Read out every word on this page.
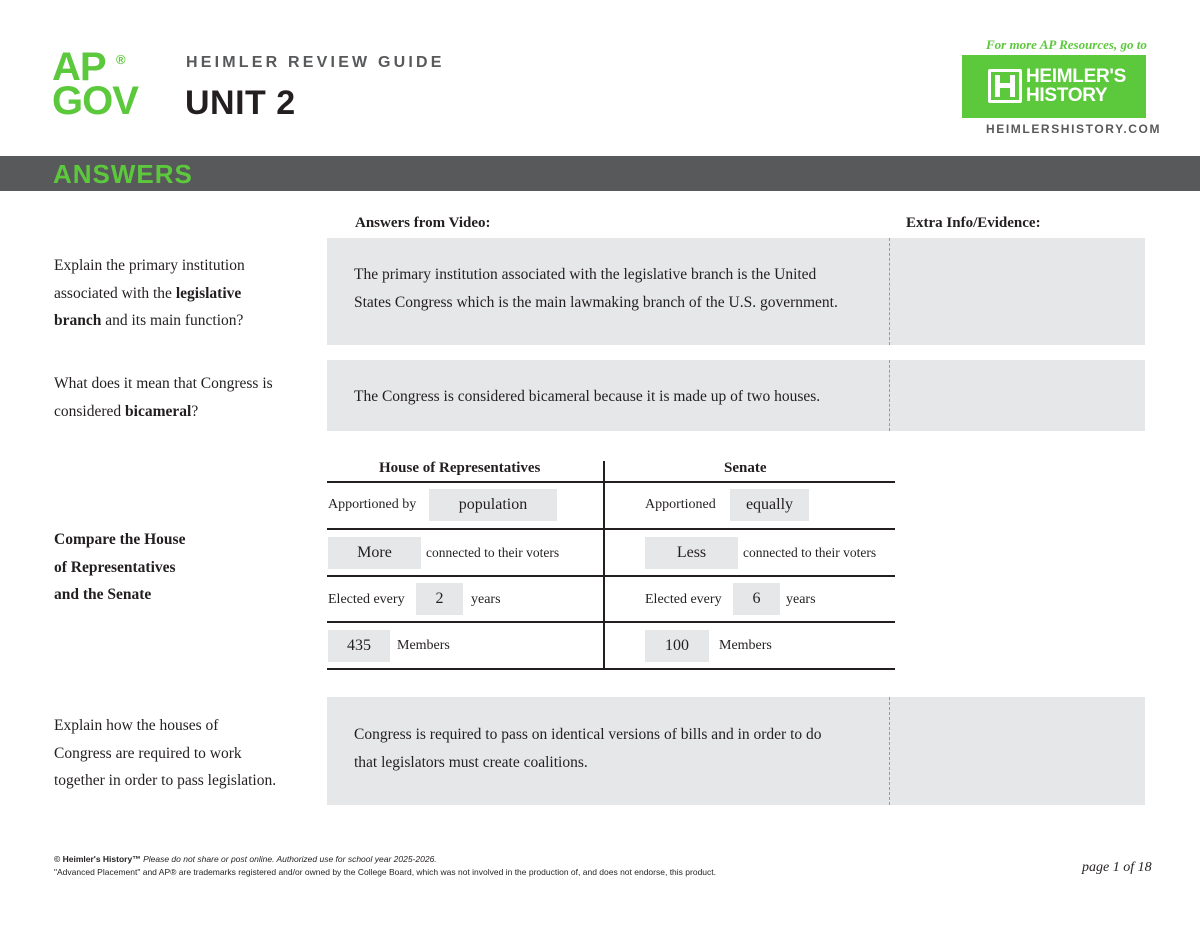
AP ®
GOV
HEIMLER REVIEW GUIDE
UNIT 2
For more AP Resources, go to
HEIMLER'S
HISTORY
HEIMLERSHISTORY.COM
ANSWERS
Answers from Video:	Extra Info/Evidence:
Explain the primary institution
associated with the legislative
branch and its main function?
The primary institution associated with the legislative branch is the United
States Congress which is the main lawmaking branch of the U.S. government.
What does it mean that Congress is
considered bicameral?
The Congress is considered bicameral because it is made up of two houses.
Compare the House
of Representatives
and the Senate
House of Representatives	Senate
Apportioned by	population	Apportioned	equally
More	connected to their voters	Less	connected to their voters
Elected every	2	years	Elected every	6	years
435	Members	100	Members
Explain how the houses of
Congress are required to work
together in order to pass legislation.
Congress is required to pass on identical versions of bills and in order to do
that legislators must create coalitions.
© Heimler's History™ Please do not share or post online. Authorized use for school year 2025-2026.
"Advanced Placement" and AP® are trademarks registered and/or owned by the College Board, which was not involved in the production of, and does not endorse, this product.	page 1 of 18
